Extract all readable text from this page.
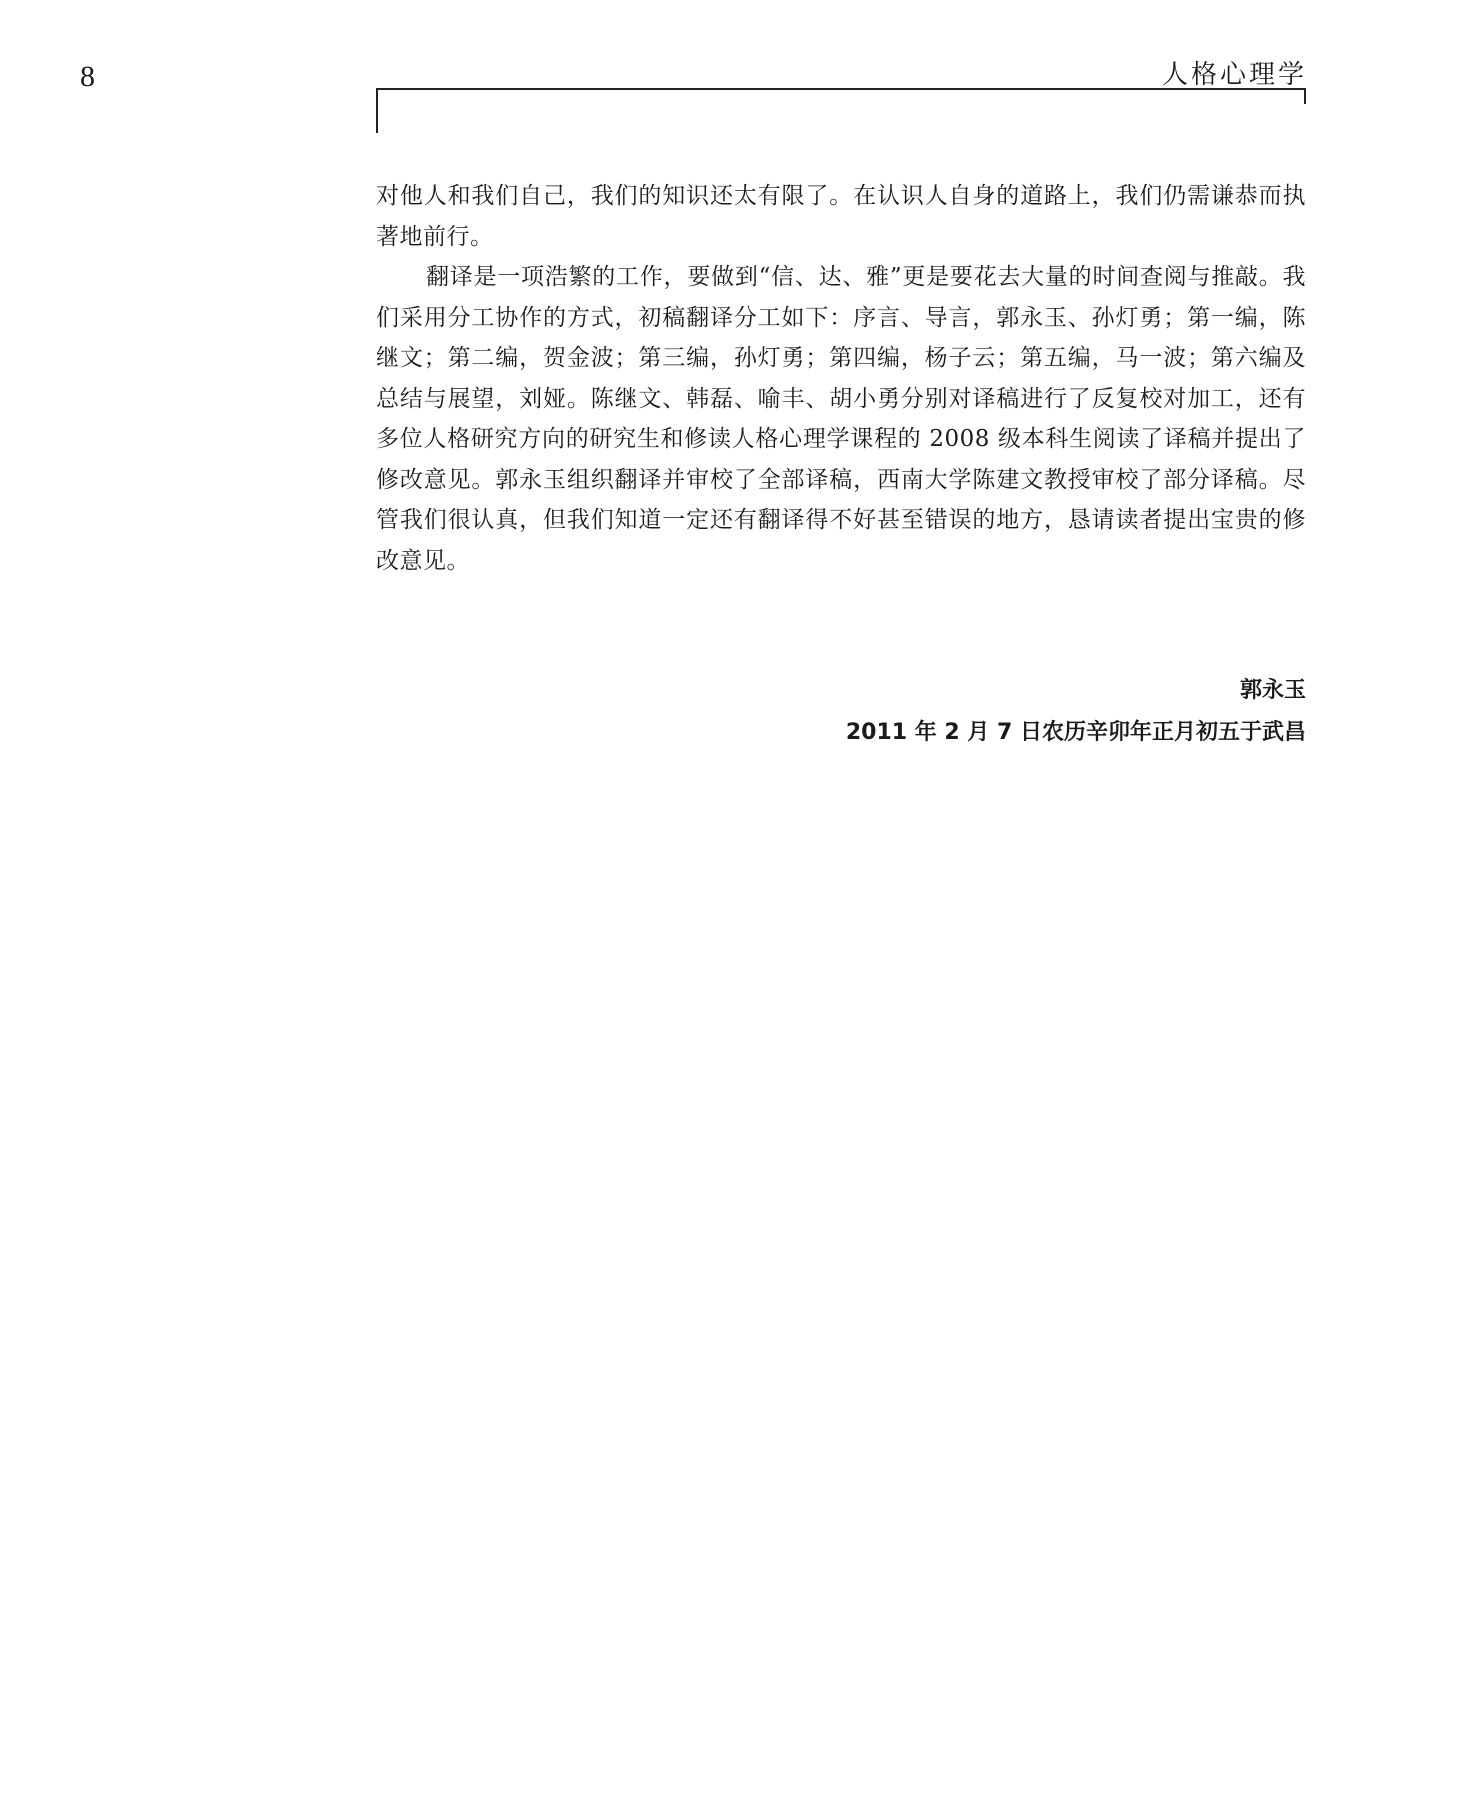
8	人格心理学

对他人和我们自己，我们的知识还太有限了。在认识人自身的道路上，我们仍需谦恭而执著地前行。

翻译是一项浩繁的工作，要做到“信、达、雅”更是要花去大量的时间查阅与推敲。我们采用分工协作的方式，初稿翻译分工如下：序言、导言，郭永玉、孙灯勇；第一编，陈继文；第二编，贺金波；第三编，孙灯勇；第四编，杨子云；第五编，马一波；第六编及总结与展望，刘娅。陈继文、韩磊、喻丰、胡小勇分别对译稿进行了反复校对加工，还有多位人格研究方向的研究生和修读人格心理学课程的 2008 级本科生阅读了译稿并提出了修改意见。郭永玉组织翻译并审校了全部译稿，西南大学陈建文教授审校了部分译稿。尽管我们很认真，但我们知道一定还有翻译得不好甚至错误的地方，恳请读者提出宝贵的修改意见。

郭永玉
2011 年 2 月 7 日农历辛卯年正月初五于武昌
